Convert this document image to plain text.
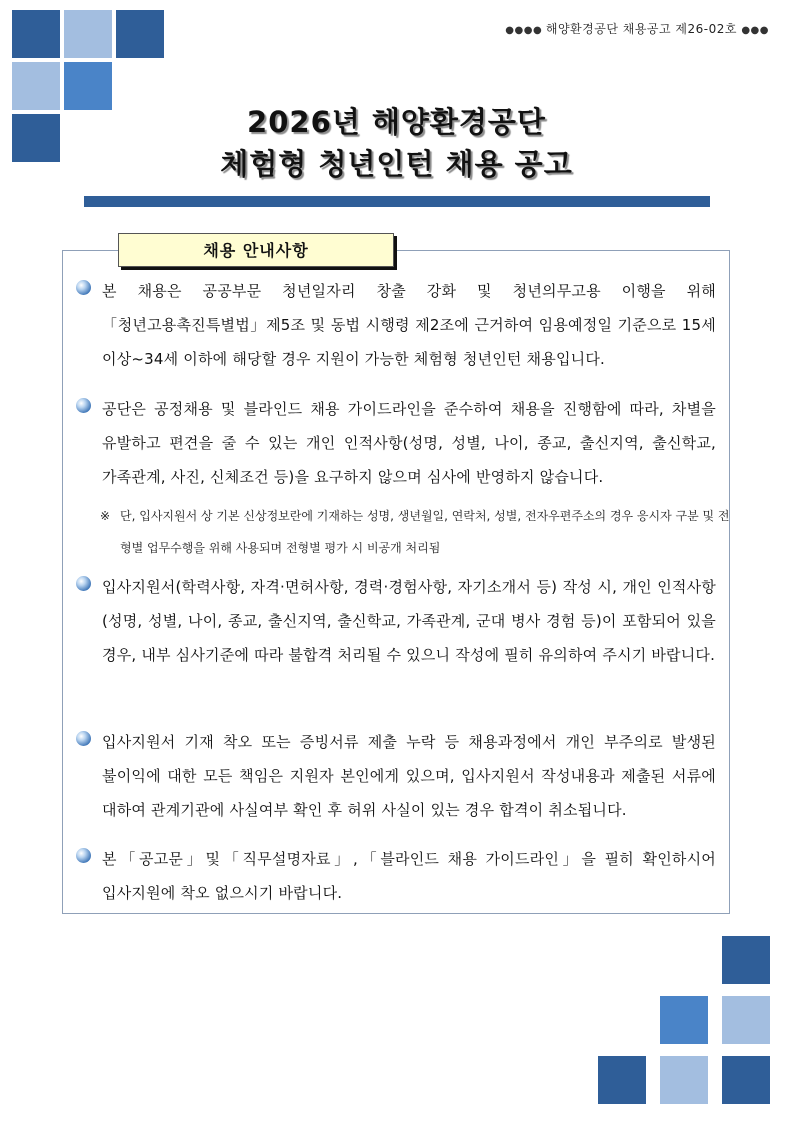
●●●● 해양환경공단 채용공고 제26-02호 ●●●
2026년 해양환경공단
체험형 청년인턴 채용 공고
채용 안내사항

본 채용은 공공부문 청년일자리 창출 강화 및 청년의무고용 이행을 위해「청년고용촉진특별법」제5조 및 동법 시행령 제2조에 근거하여 임용예정일 기준으로 15세 이상~34세 이하에 해당할 경우 지원이 가능한 체험형 청년인턴 채용입니다.

공단은 공정채용 및 블라인드 채용 가이드라인을 준수하여 채용을 진행함에 따라, 차별을 유발하고 편견을 줄 수 있는 개인 인적사항(성명, 성별, 나이, 종교, 출신지역, 출신학교, 가족관계, 사진, 신체조건 등)을 요구하지 않으며 심사에 반영하지 않습니다.

※ 단, 입사지원서 상 기본 신상정보란에 기재하는 성명, 생년월일, 연락처, 성별, 전자우편주소의 경우 응시자 구분 및 전형별 업무수행을 위해 사용되며 전형별 평가 시 비공개 처리됨

입사지원서(학력사항, 자격·면허사항, 경력·경험사항, 자기소개서 등) 작성 시, 개인 인적사항(성명, 성별, 나이, 종교, 출신지역, 출신학교, 가족관계, 군대 병사 경험 등)이 포함되어 있을 경우, 내부 심사기준에 따라 불합격 처리될 수 있으니 작성에 필히 유의하여 주시기 바랍니다.

입사지원서 기재 착오 또는 증빙서류 제출 누락 등 채용과정에서 개인 부주의로 발생된 불이익에 대한 모든 책임은 지원자 본인에게 있으며, 입사지원서 작성내용과 제출된 서류에 대하여 관계기관에 사실여부 확인 후 허위 사실이 있는 경우 합격이 취소됩니다.

본「공고문」및「직무설명자료」,「블라인드 채용 가이드라인」을 필히 확인하시어 입사지원에 착오 없으시기 바랍니다.
